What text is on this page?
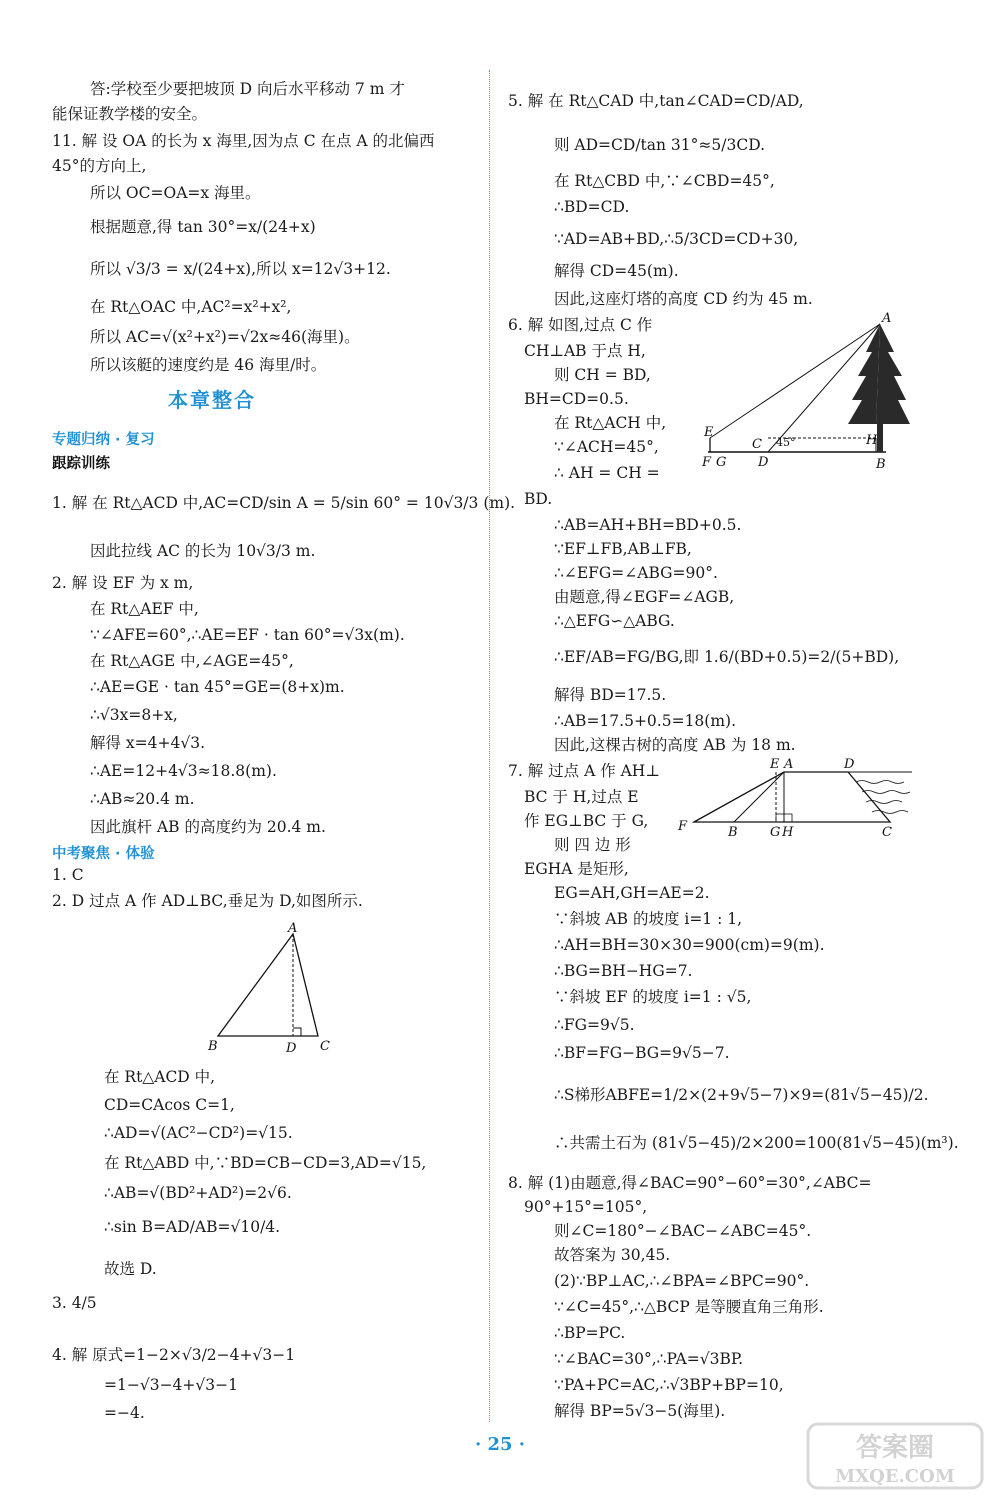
答:学校至少要把坡顶 D 向后水平移动 7 m 才
能保证教学楼的安全。
11. 解 设 OA 的长为 x 海里,因为点 C 在点 A 的北偏西
45°的方向上,
所以 OC=OA=x 海里。
根据题意,得 tan 30°=x/(24+x)
所以 √3/3 = x/(24+x),所以 x=12√3+12.
在 Rt△OAC 中,AC²=x²+x²,
所以 AC=√(x²+x²)=√2x≈46(海里)。
所以该艇的速度约是 46 海里/时。
本章整合
专题归纳 · 复习
跟踪训练
1. 解 在 Rt△ACD 中,AC=CD/sin A = 5/sin 60° = 10√3/3 (m).
因此拉线 AC 的长为 10√3/3 m.
2. 解 设 EF 为 x m,
在 Rt△AEF 中,
∵∠AFE=60°,∴AE=EF · tan 60°=√3x(m).
在 Rt△AGE 中,∠AGE=45°,
∴AE=GE · tan 45°=GE=(8+x)m.
∴√3x=8+x,
解得 x=4+4√3.
∴AE=12+4√3≈18.8(m).
∴AB≈20.4 m.
因此旗杆 AB 的高度约为 20.4 m.
中考聚焦 · 体验
1. C
2. D 过点 A 作 AD⊥BC,垂足为 D,如图所示.
A
B	D C
在 Rt△ACD 中,
CD=CAcos C=1,
∴AD=√(AC²−CD²)=√15.
在 Rt△ABD 中,∵BD=CB−CD=3,AD=√15,
∴AB=√(BD²+AD²)=2√6.
∴sin B=AD/AB=√10/4.
故选 D.
3. 4/5
4. 解 原式=1−2×√3/2−4+√3−1
=1−√3−4+√3−1
=−4.
5. 解 在 Rt△CAD 中,tan∠CAD=CD/AD,
则 AD=CD/tan 31°≈5/3CD.
在 Rt△CBD 中,∵∠CBD=45°,
∴BD=CD.
∵AD=AB+BD,∴5/3CD=CD+30,
解得 CD=45(m).
因此,这座灯塔的高度 CD 约为 45 m.
6. 解 如图,过点 C 作
CH⊥AB 于点 H,
则 CH = BD,
BH=CD=0.5.
在 Rt△ACH 中,
∵∠ACH=45°,
∴ AH = CH =
BD.
∴AB=AH+BH=BD+0.5.
∵EF⊥FB,AB⊥FB,
∴∠EFG=∠ABG=90°.
由题意,得∠EGF=∠AGB,
∴△EFG∽△ABG.
∴EF/AB=FG/BG,即 1.6/(BD+0.5)=2/(5+BD),
解得 BD=17.5.
∴AB=17.5+0.5=18(m).
因此,这棵古树的高度 AB 为 18 m.
7. 解 过点 A 作 AH⊥
BC 于 H,过点 E
作 EG⊥BC 于 G,
则 四 边 形
EGHA 是矩形,
EG=AH,GH=AE=2.
∵斜坡 AB 的坡度 i=1 : 1,
∴AH=BH=30×30=900(cm)=9(m).
∴BG=BH−HG=7.
∵斜坡 EF 的坡度 i=1 : √5,
∴FG=9√5.
∴BF=FG−BG=9√5−7.
∴S梯形ABFE=1/2×(2+9√5−7)×9=(81√5−45)/2.
∴共需土石为 (81√5−45)/2×200=100(81√5−45)(m³).
8. 解 (1)由题意,得∠BAC=90°−60°=30°,∠ABC=
90°+15°=105°,
则∠C=180°−∠BAC−∠ABC=45°.
故答案为 30,45.
(2)∵BP⊥AC,∴∠BPA=∠BPC=90°.
∵∠C=45°,∴△BCP 是等腰直角三角形.
∴BP=PC.
∵∠BAC=30°,∴PA=√3BP.
∵PA+PC=AC,∴√3BP+BP=10,
解得 BP=5√3−5(海里).
A
E
C 45°	H
F G D	B
E A	D
F	B G H	C
· 25 ·	答案圈
MXQE.COM
